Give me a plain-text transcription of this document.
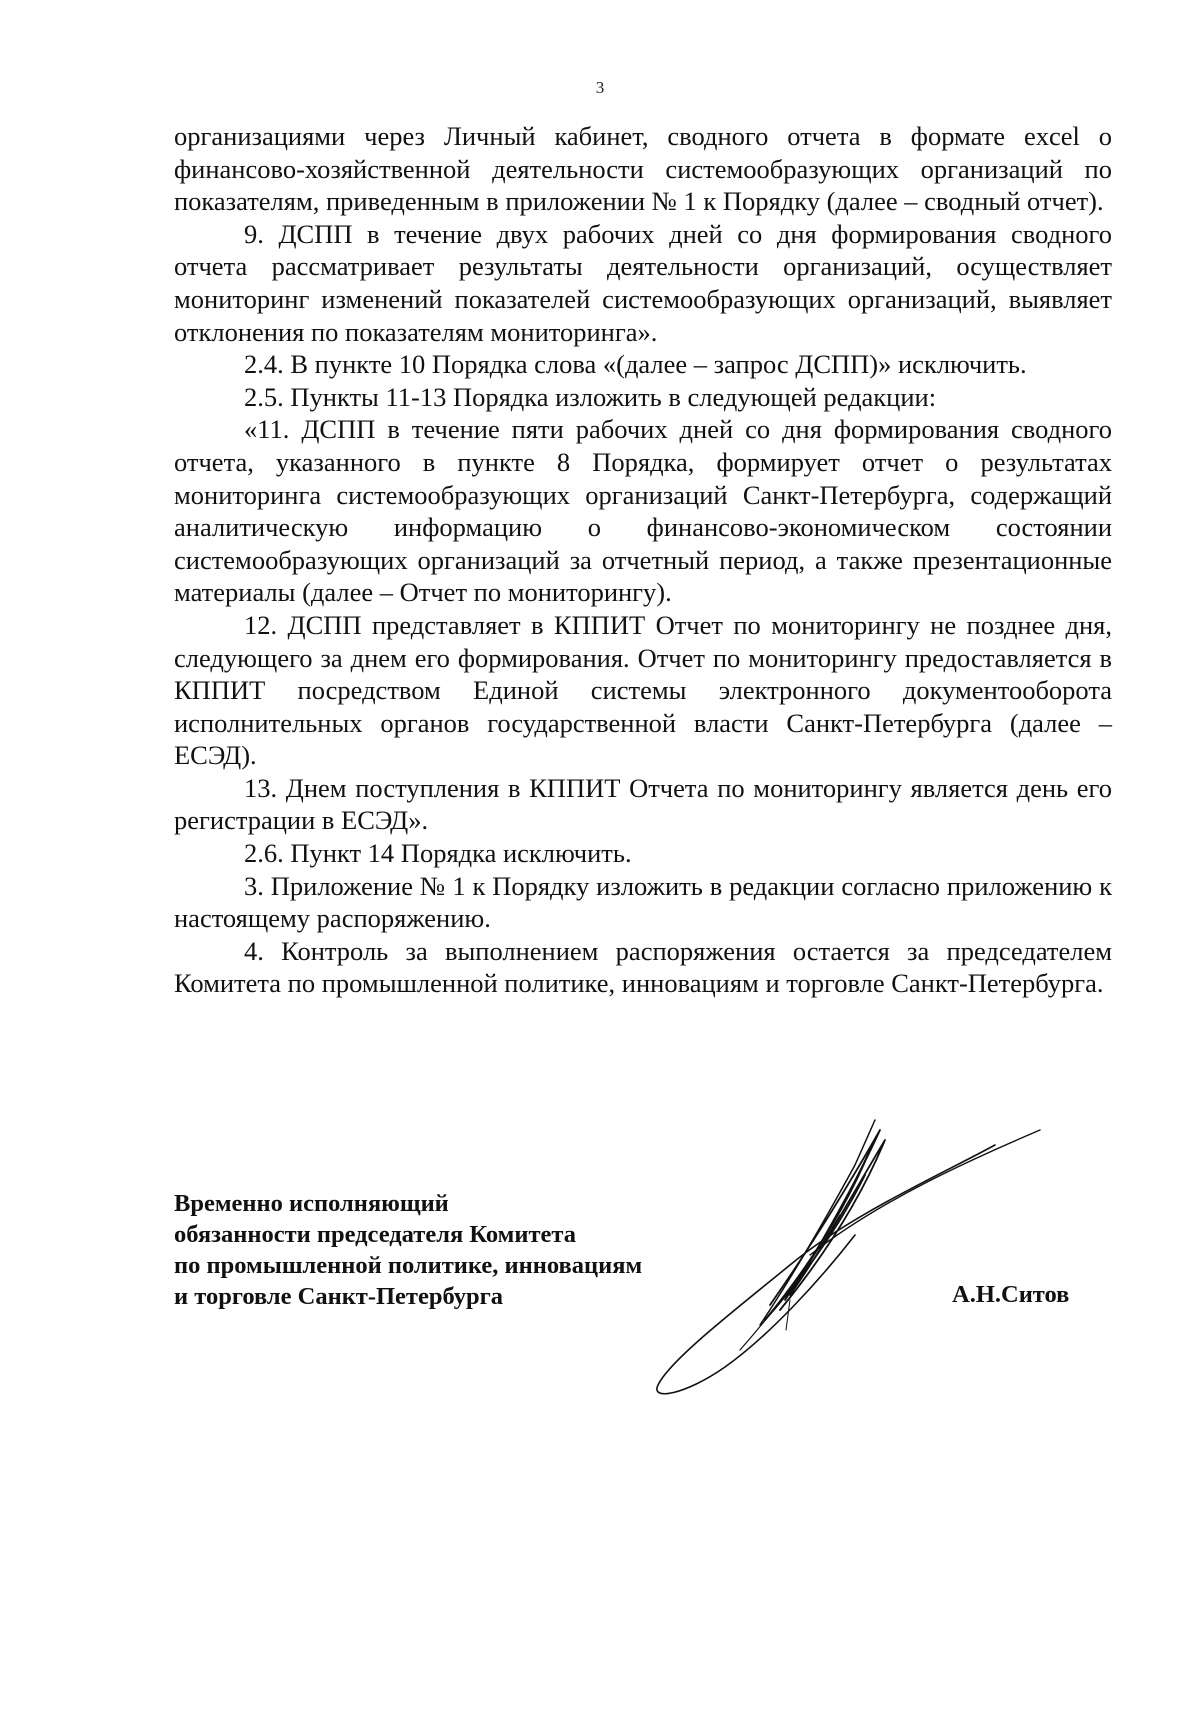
3

организациями через Личный кабинет, сводного отчета в формате excel о финансово-хозяйственной деятельности системообразующих организаций по показателям, приведенным в приложении № 1 к Порядку (далее – сводный отчет).

9. ДСПП в течение двух рабочих дней со дня формирования сводного отчета рассматривает результаты деятельности организаций, осуществляет мониторинг изменений показателей системообразующих организаций, выявляет отклонения по показателям мониторинга».

2.4. В пункте 10 Порядка слова «(далее – запрос ДСПП)» исключить.

2.5. Пункты 11-13 Порядка изложить в следующей редакции:

«11. ДСПП в течение пяти рабочих дней со дня формирования сводного отчета, указанного в пункте 8 Порядка, формирует отчет о результатах мониторинга системообразующих организаций Санкт-Петербурга, содержащий аналитическую информацию о финансово-экономическом состоянии системообразующих организаций за отчетный период, а также презентационные материалы (далее – Отчет по мониторингу).

12. ДСПП представляет в КППИТ Отчет по мониторингу не позднее дня, следующего за днем его формирования. Отчет по мониторингу предоставляется в КППИТ посредством Единой системы электронного документооборота исполнительных органов государственной власти Санкт-Петербурга (далее – ЕСЭД).

13. Днем поступления в КППИТ Отчета по мониторингу является день его регистрации в ЕСЭД».

2.6. Пункт 14 Порядка исключить.

3. Приложение № 1 к Порядку изложить в редакции согласно приложению к настоящему распоряжению.

4. Контроль за выполнением распоряжения остается за председателем Комитета по промышленной политике, инновациям и торговле Санкт-Петербурга.

Временно исполняющий
обязанности председателя Комитета
по промышленной политике, инновациям
и торговле Санкт-Петербурга	А.Н.Ситов
